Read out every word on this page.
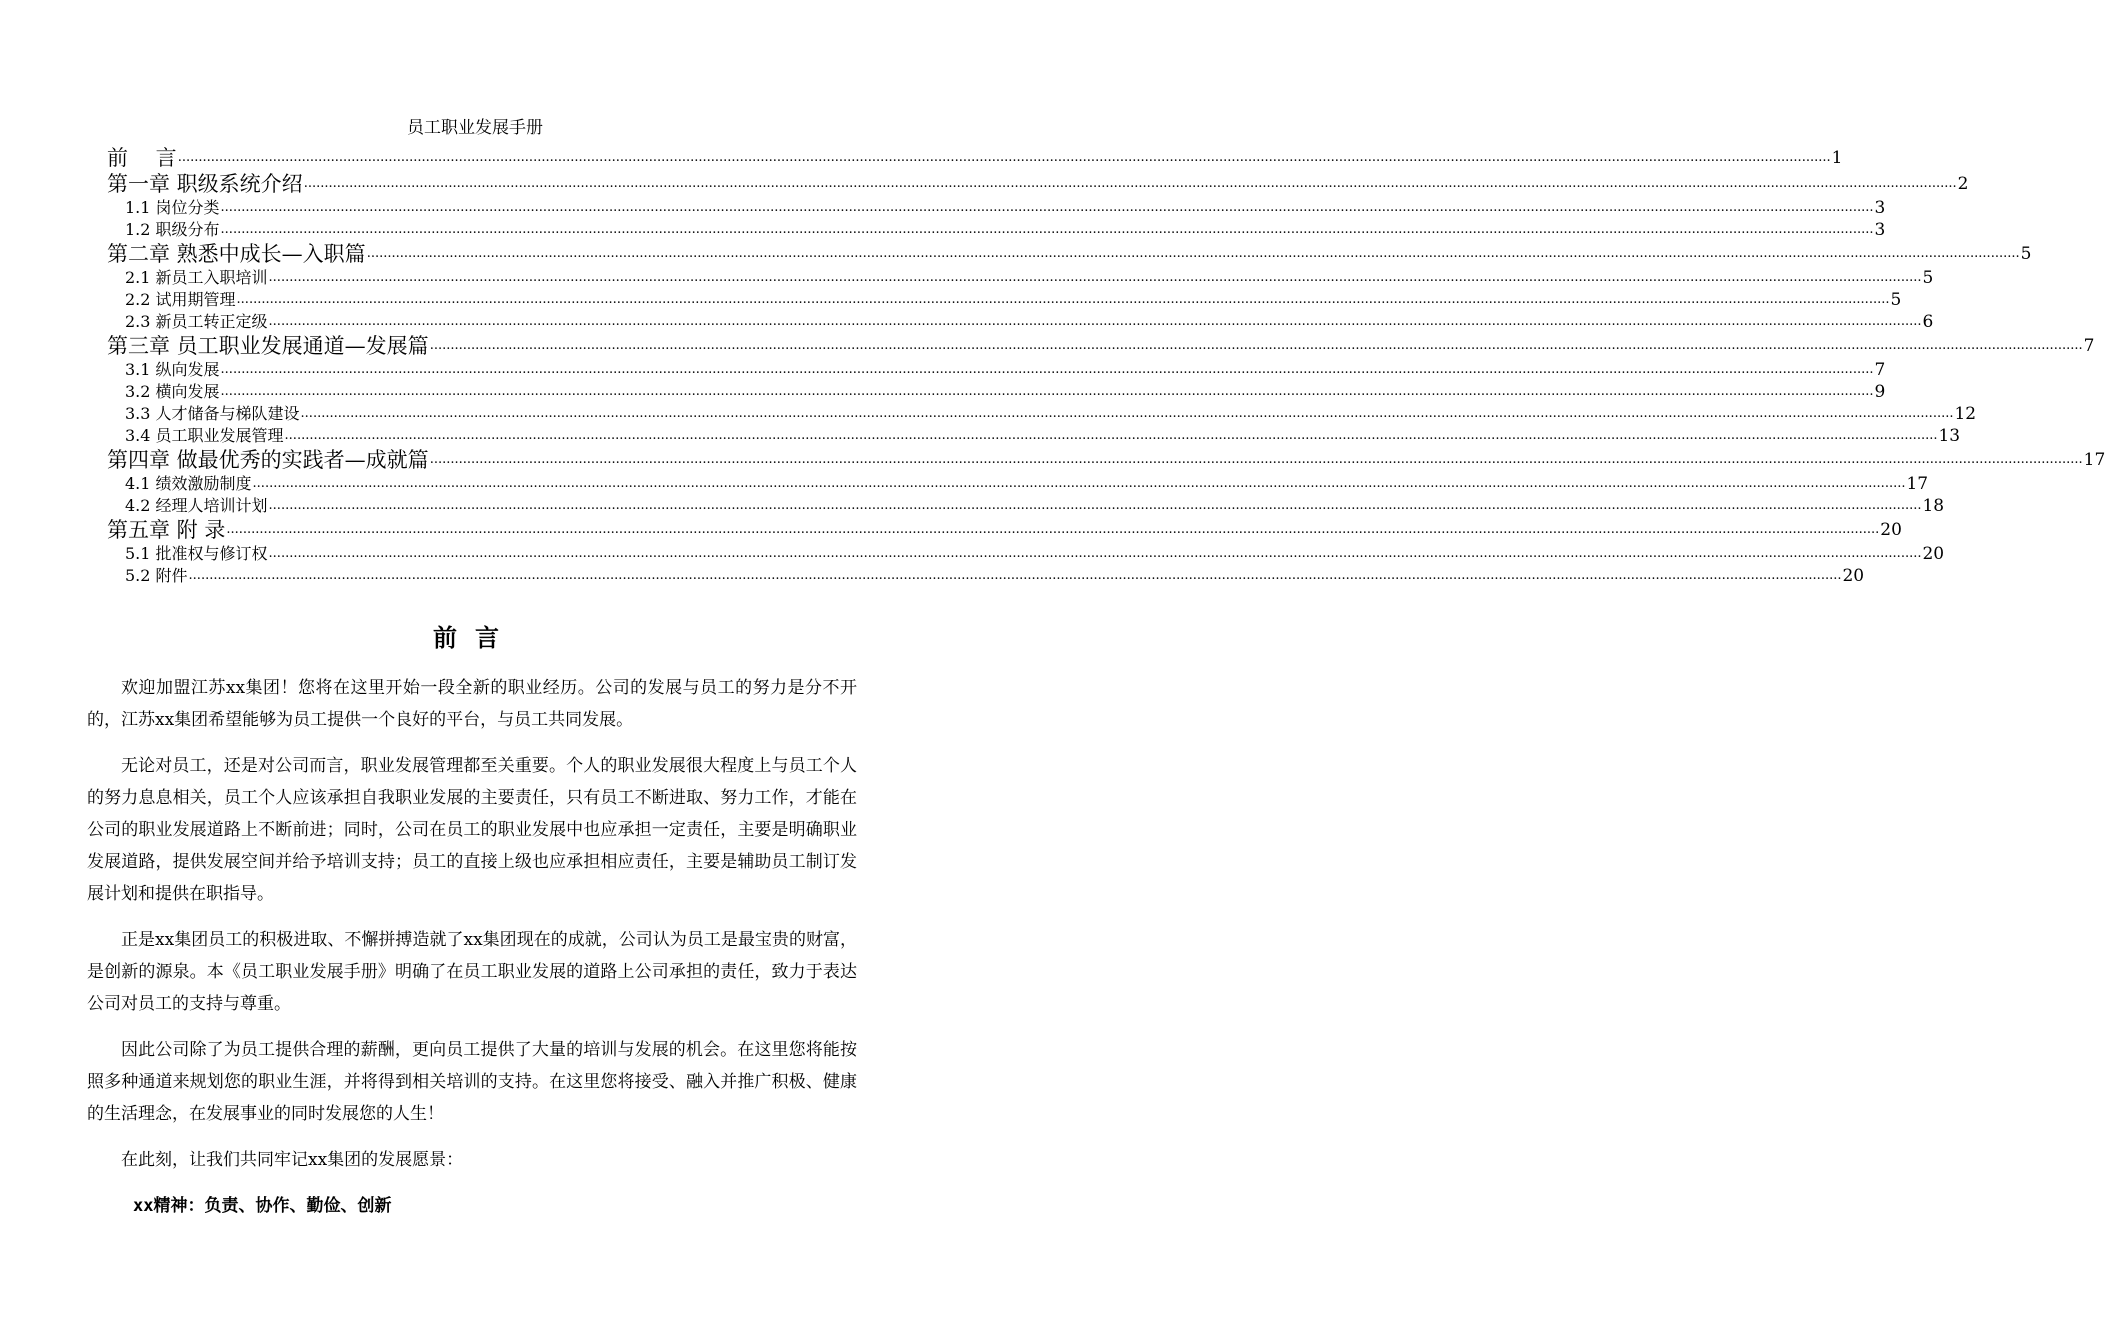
员工职业发展手册
前　 言 ................................................................................................................................................................................................................................................................................................................................................................................................................ 1
第一章 职级系统介绍 ................................................................................................................................................................................................................................................................................................................................................................................................................ 2
1.1 岗位分类 ................................................................................................................................................................................................................................................................................................................................................................................................................ 3
1.2 职级分布 ................................................................................................................................................................................................................................................................................................................................................................................................................ 3
第二章 熟悉中成长—入职篇 ................................................................................................................................................................................................................................................................................................................................................................................................................ 5
2.1 新员工入职培训 ................................................................................................................................................................................................................................................................................................................................................................................................................ 5
2.2 试用期管理 ................................................................................................................................................................................................................................................................................................................................................................................................................ 5
2.3 新员工转正定级 ................................................................................................................................................................................................................................................................................................................................................................................................................ 6
第三章 员工职业发展通道—发展篇 ................................................................................................................................................................................................................................................................................................................................................................................................................ 7
3.1 纵向发展 ................................................................................................................................................................................................................................................................................................................................................................................................................ 7
3.2 横向发展 ................................................................................................................................................................................................................................................................................................................................................................................................................ 9
3.3 人才储备与梯队建设 ................................................................................................................................................................................................................................................................................................................................................................................................................ 12
3.4 员工职业发展管理 ................................................................................................................................................................................................................................................................................................................................................................................................................ 13
第四章 做最优秀的实践者—成就篇 ................................................................................................................................................................................................................................................................................................................................................................................................................ 17
4.1 绩效激励制度 ................................................................................................................................................................................................................................................................................................................................................................................................................ 17
4.2 经理人培训计划 ................................................................................................................................................................................................................................................................................................................................................................................................................ 18
第五章 附 录 ................................................................................................................................................................................................................................................................................................................................................................................................................ 20
5.1 批准权与修订权 ................................................................................................................................................................................................................................................................................................................................................................................................................ 20
5.2 附件 ................................................................................................................................................................................................................................................................................................................................................................................................................ 20
前言

欢迎加盟江苏xx集团！您将在这里开始一段全新的职业经历。公司的发展与员工的努力是分不开的，江苏xx集团希望能够为员工提供一个良好的平台，与员工共同发展。

无论对员工，还是对公司而言，职业发展管理都至关重要。个人的职业发展很大程度上与员工个人的努力息息相关，员工个人应该承担自我职业发展的主要责任，只有员工不断进取、努力工作，才能在公司的职业发展道路上不断前进；同时，公司在员工的职业发展中也应承担一定责任，主要是明确职业发展道路，提供发展空间并给予培训支持；员工的直接上级也应承担相应责任，主要是辅助员工制订发展计划和提供在职指导。

正是xx集团员工的积极进取、不懈拼搏造就了xx集团现在的成就，公司认为员工是最宝贵的财富，是创新的源泉。本《员工职业发展手册》明确了在员工职业发展的道路上公司承担的责任，致力于表达公司对员工的支持与尊重。

因此公司除了为员工提供合理的薪酬，更向员工提供了大量的培训与发展的机会。在这里您将能按照多种通道来规划您的职业生涯，并将得到相关培训的支持。在这里您将接受、融入并推广积极、健康的生活理念，在发展事业的同时发展您的人生！

在此刻，让我们共同牢记xx集团的发展愿景：

xx精神：负责、协作、勤俭、创新
